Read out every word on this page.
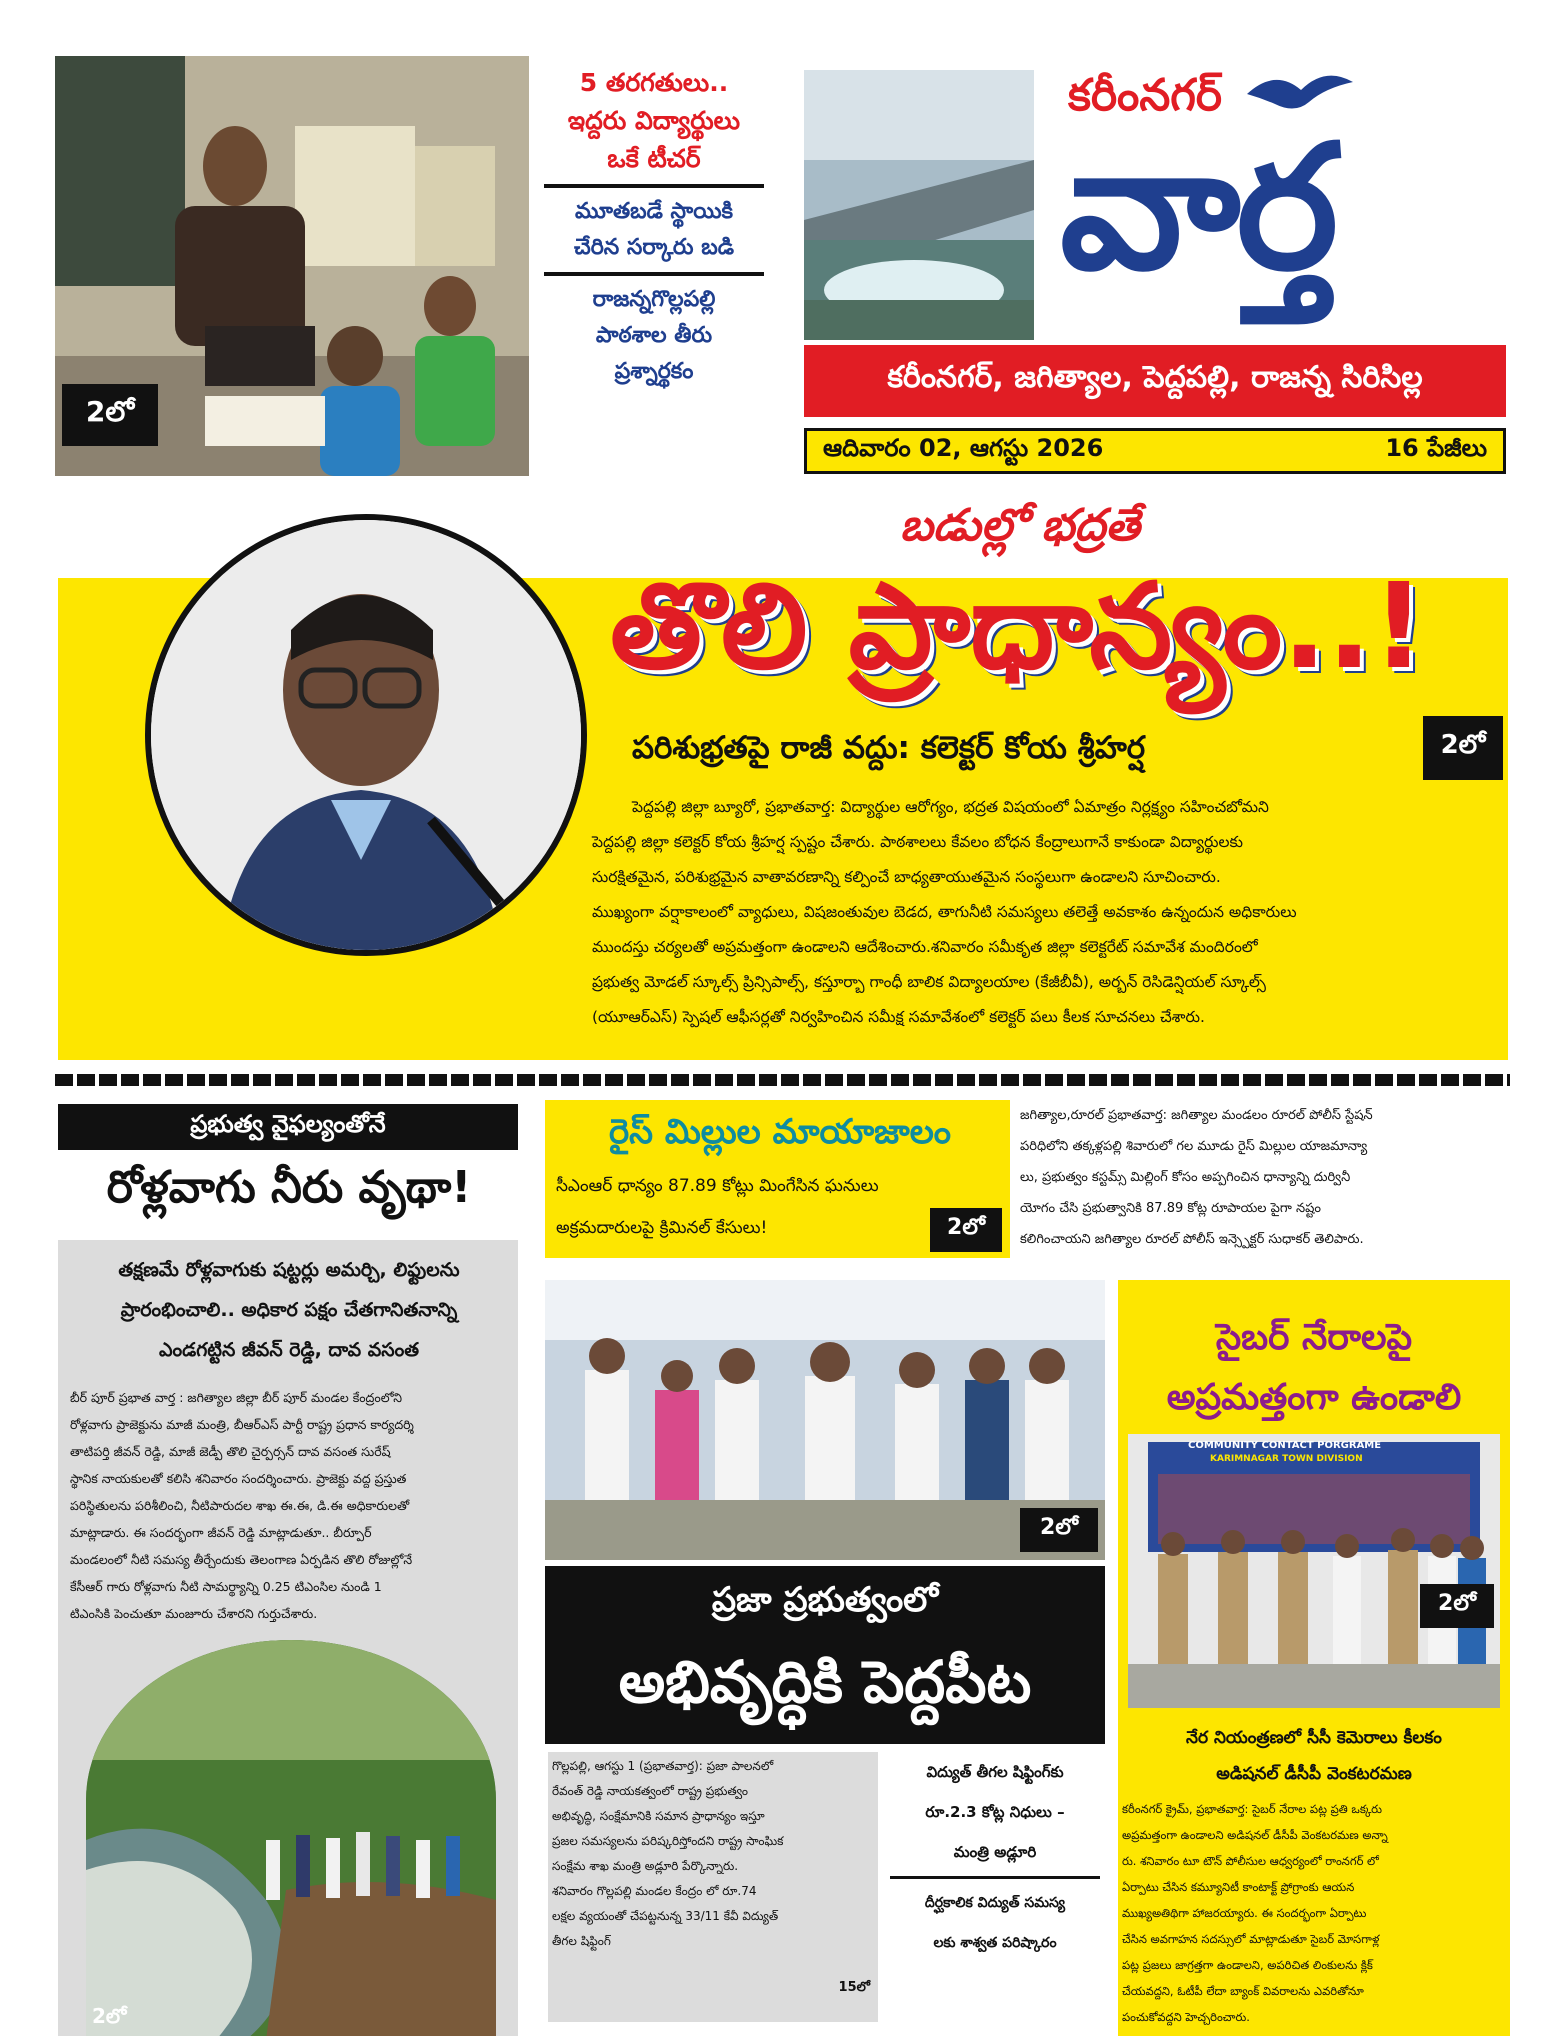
2లో
5 తరగతులు..
ఇద్దరు విద్యార్థులు
ఒకే టీచర్
మూతబడే స్థాయికి
చేరిన సర్కారు బడి
రాజన్నగొల్లపల్లి
పాఠశాల తీరు
ప్రశ్నార్థకం
కరీంనగర్
వార్త
కరీంనగర్, జగిత్యాల, పెద్దపల్లి, రాజన్న సిరిసిల్ల
ఆదివారం 02, ఆగస్టు 2026	16 పేజీలు
బడుల్లో భద్రతే
తొలి ప్రాధాన్యం..!
పరిశుభ్రతపై రాజీ వద్దు: కలెక్టర్ కోయ శ్రీహర్ష	2లో
పెద్దపల్లి జిల్లా బ్యూరో, ప్రభాతవార్త: విద్యార్థుల ఆరోగ్యం, భద్రత విషయంలో ఏమాత్రం నిర్లక్ష్యం సహించబోమని
పెద్దపల్లి జిల్లా కలెక్టర్ కోయ శ్రీహర్ష స్పష్టం చేశారు. పాఠశాలలు కేవలం బోధన కేంద్రాలుగానే కాకుండా విద్యార్థులకు
సురక్షితమైన, పరిశుభ్రమైన వాతావరణాన్ని కల్పించే బాధ్యతాయుతమైన సంస్థలుగా ఉండాలని సూచించారు.
ముఖ్యంగా వర్షాకాలంలో వ్యాధులు, విషజంతువుల బెడద, తాగునీటి సమస్యలు తలెత్తే అవకాశం ఉన్నందున అధికారులు
ముందస్తు చర్యలతో అప్రమత్తంగా ఉండాలని ఆదేశించారు.శనివారం సమీకృత జిల్లా కలెక్టరేట్ సమావేశ మందిరంలో
ప్రభుత్వ మోడల్ స్కూల్స్ ప్రిన్సిపాల్స్, కస్తూర్బా గాంధీ బాలిక విద్యాలయాల (కేజీబీవీ), అర్బన్ రెసిడెన్షియల్ స్కూల్స్
(యూఆర్ఎస్) స్పెషల్ ఆఫీసర్లతో నిర్వహించిన సమీక్ష సమావేశంలో కలెక్టర్ పలు కీలక సూచనలు చేశారు.
ప్రభుత్వ వైఫల్యంతోనే
రోళ్లవాగు నీరు వృథా!
తక్షణమే రోళ్లవాగుకు షట్టర్లు అమర్చి, లిఫ్టులను
ప్రారంభించాలి.. అధికార పక్షం చేతగానితనాన్ని
ఎండగట్టిన జీవన్ రెడ్డి, దావ వసంత
బీర్ పూర్ ప్రభాత వార్త : జగిత్యాల జిల్లా బీర్ పూర్ మండల కేంద్రంలోని
రోళ్లవాగు ప్రాజెక్టును మాజీ మంత్రి, బీఆర్ఎస్ పార్టీ రాష్ట్ర ప్రధాన కార్యదర్శి
తాటిపర్తి జీవన్ రెడ్డి, మాజీ జెడ్పీ తొలి చైర్పర్సన్ దావ వసంత సురేష్
స్థానిక నాయకులతో కలిసి శనివారం సందర్శించారు. ప్రాజెక్టు వద్ద ప్రస్తుత
పరిస్థితులను పరిశీలించి, నీటిపారుదల శాఖ ఈ.ఈ, డి.ఈ అధికారులతో
మాట్లాడారు. ఈ సందర్భంగా జీవన్ రెడ్డి మాట్లాడుతూ.. బీర్పూర్
మండలంలో నీటి సమస్య తీర్చేందుకు తెలంగాణ ఏర్పడిన తొలి రోజుల్లోనే
కేసీఆర్ గారు రోళ్లవాగు నీటి సామర్థ్యాన్ని 0.25 టిఎంసిల నుండి 1
టిఎంసికి పెంచుతూ మంజూరు చేశారని గుర్తుచేశారు.
2లో
రైస్ మిల్లుల మాయాజాలం
సీఎంఆర్ ధాన్యం 87.89 కోట్లు మింగేసిన ఘనులు
అక్రమదారులపై క్రిమినల్ కేసులు!	2లో
జగిత్యాల,రూరల్ ప్రభాతవార్త: జగిత్యాల మండలం రూరల్ పోలీస్ స్టేషన్
పరిధిలోని తక్కళ్లపల్లి శివారులో గల మూడు రైస్ మిల్లుల యాజమాన్యా
లు, ప్రభుత్వం కస్టమ్స్ మిల్లింగ్ కోసం అప్పగించిన ధాన్యాన్ని దుర్వినీ
యోగం చేసి ప్రభుత్వానికి 87.89 కోట్ల రూపాయల పైగా నష్టం
కలిగించాయని జగిత్యాల రూరల్ పోలీస్ ఇన్స్పెక్టర్ సుధాకర్ తెలిపారు.
2లో
ప్రజా ప్రభుత్వంలో
అభివృద్ధికి పెద్దపీట
గొల్లపల్లి, ఆగస్టు 1 (ప్రభాతవార్త): ప్రజా పాలనలో
రేవంత్ రెడ్డి నాయకత్వంలో రాష్ట్ర ప్రభుత్వం
అభివృద్ధి, సంక్షేమానికి సమాన ప్రాధాన్యం ఇస్తూ
ప్రజల సమస్యలను పరిష్కరిస్తోందని రాష్ట్ర సాంఘిక
సంక్షేమ శాఖ మంత్రి అడ్లూరి పేర్కొన్నారు.
శనివారం గొల్లపల్లి మండల కేంద్రం లో రూ.74
లక్షల వ్యయంతో చేపట్టనున్న 33/11 కేవీ విద్యుత్
తీగల షిఫ్టింగ్
15లో
విద్యుత్ తీగల షిఫ్టింగ్‌కు
రూ.2.3 కోట్ల నిధులు –
మంత్రి అడ్లూరి
దీర్ఘకాలిక విద్యుత్ సమస్య
లకు శాశ్వత పరిష్కారం
సైబర్ నేరాలపై
అప్రమత్తంగా ఉండాలి
COMMUNITY CONTACT PORGRAME
KARIMNAGAR TOWN DIVISION
2లో
నేర నియంత్రణలో సీసీ కెమెరాలు కీలకం
అడిషనల్ డీసీపీ వెంకటరమణ
కరీంనగర్ క్రైమ్, ప్రభాతవార్త: సైబర్ నేరాల పట్ల ప్రతి ఒక్కరు
అప్రమత్తంగా ఉండాలని అడిషనల్ డీసీపీ వెంకటరమణ అన్నా
రు. శనివారం టూ టౌన్ పోలీసుల ఆధ్వర్యంలో రాంనగర్ లో
ఏర్పాటు చేసిన కమ్యూనిటీ కాంటాక్ట్ ప్రోగ్రాంకు ఆయన
ముఖ్యఅతిథిగా హాజరయ్యారు. ఈ సందర్భంగా ఏర్పాటు
చేసిన అవగాహన సదస్సులో మాట్లాడుతూ సైబర్ మోసగాళ్ల
పట్ల ప్రజలు జాగ్రత్తగా ఉండాలని, అపరిచిత లింకులను క్లిక్
చేయవద్దని, ఓటీపీ లేదా బ్యాంక్ వివరాలను ఎవరితోనూ
పంచుకోవద్దని హెచ్చరించారు.
